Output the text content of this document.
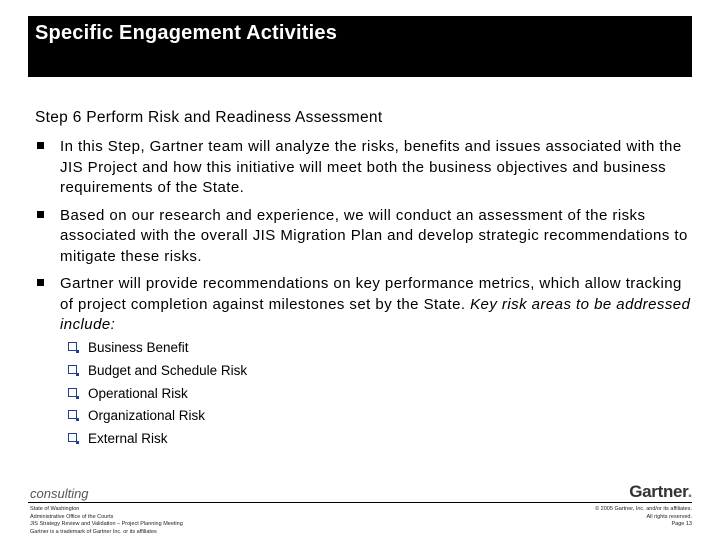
Specific Engagement Activities
Step 6 Perform Risk and Readiness Assessment
In this Step, Gartner team will analyze the risks, benefits and issues associated with the JIS Project and how this initiative will meet both the business objectives and business requirements of the State.
Based on our research and experience, we will conduct an assessment of the risks associated with the overall JIS Migration Plan and develop strategic recommendations to mitigate these risks.
Gartner will provide recommendations on key performance metrics, which allow tracking of project completion against milestones set by the State. Key risk areas to be addressed include:
Business Benefit
Budget and Schedule Risk
Operational Risk
Organizational Risk
External Risk
consulting	Gartner.
State of Washington
Administrative Office of the Courts
JIS Strategy Review and Validation – Project Planning Meeting
Gartner is a trademark of Gartner Inc. or its affiliates
© 2005 Gartner, Inc. and/or its affiliates.
All rights reserved.
Page 13
